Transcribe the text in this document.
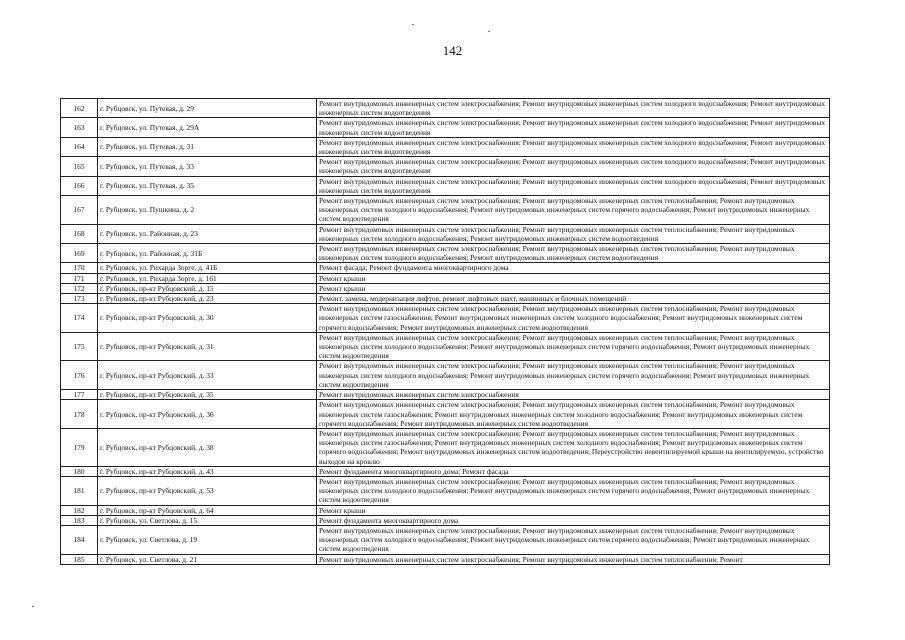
142
162	г. Рубцовск, ул. Путевая, д. 29	Ремонт внутридомовых инженерных систем электроснабжения; Ремонт внутридомовых инженерных систем холодного водоснабжения; Ремонт внутридомовых инженерных систем водоотведения
163	г. Рубцовск, ул. Путевая, д. 29А	Ремонт внутридомовых инженерных систем электроснабжения; Ремонт внутридомовых инженерных систем холодного водоснабжения; Ремонт внутридомовых инженерных систем водоотведения
164	г. Рубцовск, ул. Путевая, д. 31	Ремонт внутридомовых инженерных систем электроснабжения; Ремонт внутридомовых инженерных систем холодного водоснабжения; Ремонт внутридомовых инженерных систем водоотведения
165	г. Рубцовск, ул. Путевая, д. 33	Ремонт внутридомовых инженерных систем электроснабжения; Ремонт внутридомовых инженерных систем холодного водоснабжения; Ремонт внутридомовых инженерных систем водоотведения
166	г. Рубцовск, ул. Путевая, д. 35	Ремонт внутридомовых инженерных систем электроснабжения; Ремонт внутридомовых инженерных систем холодного водоснабжения; Ремонт внутридомовых инженерных систем водоотведения
167	г. Рубцовск, ул. Пушкина, д. 2	Ремонт внутридомовых инженерных систем электроснабжения; Ремонт внутридомовых инженерных систем теплоснабжения; Ремонт внутридомовых инженерных систем холодного водоснабжения; Ремонт внутридомовых инженерных систем горячего водоснабжения; Ремонт внутридомовых инженерных систем водоотведения
168	г. Рубцовск, ул. Районная, д. 23	Ремонт внутридомовых инженерных систем электроснабжения; Ремонт внутридомовых инженерных систем теплоснабжения; Ремонт внутридомовых инженерных систем холодного водоснабжения; Ремонт внутридомовых инженерных систем водоотведения
169	г. Рубцовск, ул. Районная, д. 31Б	Ремонт внутридомовых инженерных систем электроснабжения; Ремонт внутридомовых инженерных систем теплоснабжения; Ремонт внутридомовых инженерных систем холодного водоснабжения; Ремонт внутридомовых инженерных систем водоотведения
170	г. Рубцовск, ул. Рихарда Зорге, д. 41Б	Ремонт фасада; Ремонт фундамента многоквартирного дома
171	г. Рубцовск, ул. Рихарда Зорге, д. 161	Ремонт крыши
172	г. Рубцовск, пр-кт Рубцовский, д. 15	Ремонт крыши
173	г. Рубцовск, пр-кт Рубцовский, д. 23	Ремонт, замена, модернизация лифтов, ремонт лифтовых шахт, машинных и блочных помещений
174	г. Рубцовск, пр-кт Рубцовский, д. 30	Ремонт внутридомовых инженерных систем электроснабжения; Ремонт внутридомовых инженерных систем теплоснабжения; Ремонт внутридомовых инженерных систем газоснабжения; Ремонт внутридомовых инженерных систем холодного водоснабжения; Ремонт внутридомовых инженерных систем горячего водоснабжения; Ремонт внутридомовых инженерных систем водоотведения
175	г. Рубцовск, пр-кт Рубцовский, д. 31	Ремонт внутридомовых инженерных систем электроснабжения; Ремонт внутридомовых инженерных систем теплоснабжения; Ремонт внутридомовых инженерных систем холодного водоснабжения; Ремонт внутридомовых инженерных систем горячего водоснабжения; Ремонт внутридомовых инженерных систем водоотведения
176	г. Рубцовск, пр-кт Рубцовский, д. 33	Ремонт внутридомовых инженерных систем электроснабжения; Ремонт внутридомовых инженерных систем теплоснабжения; Ремонт внутридомовых инженерных систем холодного водоснабжения; Ремонт внутридомовых инженерных систем горячего водоснабжения; Ремонт внутридомовых инженерных систем водоотведения
177	г. Рубцовск, пр-кт Рубцовский, д. 35	Ремонт внутридомовых инженерных систем электроснабжения
178	г. Рубцовск, пр-кт Рубцовский, д. 36	Ремонт внутридомовых инженерных систем электроснабжения; Ремонт внутридомовых инженерных систем теплоснабжения; Ремонт внутридомовых инженерных систем газоснабжения; Ремонт внутридомовых инженерных систем холодного водоснабжения; Ремонт внутридомовых инженерных систем горячего водоснабжения; Ремонт внутридомовых инженерных систем водоотведения
179	г. Рубцовск, пр-кт Рубцовский, д. 38	Ремонт внутридомовых инженерных систем электроснабжения; Ремонт внутридомовых инженерных систем теплоснабжения; Ремонт внутридомовых инженерных систем газоснабжения; Ремонт внутридомовых инженерных систем холодного водоснабжения; Ремонт внутридомовых инженерных систем горячего водоснабжения; Ремонт внутридомовых инженерных систем водоотведения; Переустройство невентилируемой крыши на вентилируемую, устройство выходов на кровлю
180	г. Рубцовск, пр-кт Рубцовский, д. 43	Ремонт фундамента многоквартирного дома; Ремонт фасада
181	г. Рубцовск, пр-кт Рубцовский, д. 53	Ремонт внутридомовых инженерных систем электроснабжения; Ремонт внутридомовых инженерных систем теплоснабжения; Ремонт внутридомовых инженерных систем холодного водоснабжения; Ремонт внутридомовых инженерных систем горячего водоснабжения; Ремонт внутридомовых инженерных систем водоотведения
182	г. Рубцовск, пр-кт Рубцовский, д. 64	Ремонт крыши
183	г. Рубцовск, ул. Светлова, д. 15	Ремонт фундамента многоквартирного дома
184	г. Рубцовск, ул. Светлова, д. 19	Ремонт внутридомовых инженерных систем электроснабжения; Ремонт внутридомовых инженерных систем теплоснабжения; Ремонт внутридомовых инженерных систем холодного водоснабжения; Ремонт внутридомовых инженерных систем горячего водоснабжения; Ремонт внутридомовых инженерных систем водоотведения
185	г. Рубцовск, ул. Светлова, д. 21	Ремонт внутридомовых инженерных систем электроснабжения; Ремонт внутридомовых инженерных систем теплоснабжения; Ремонт
